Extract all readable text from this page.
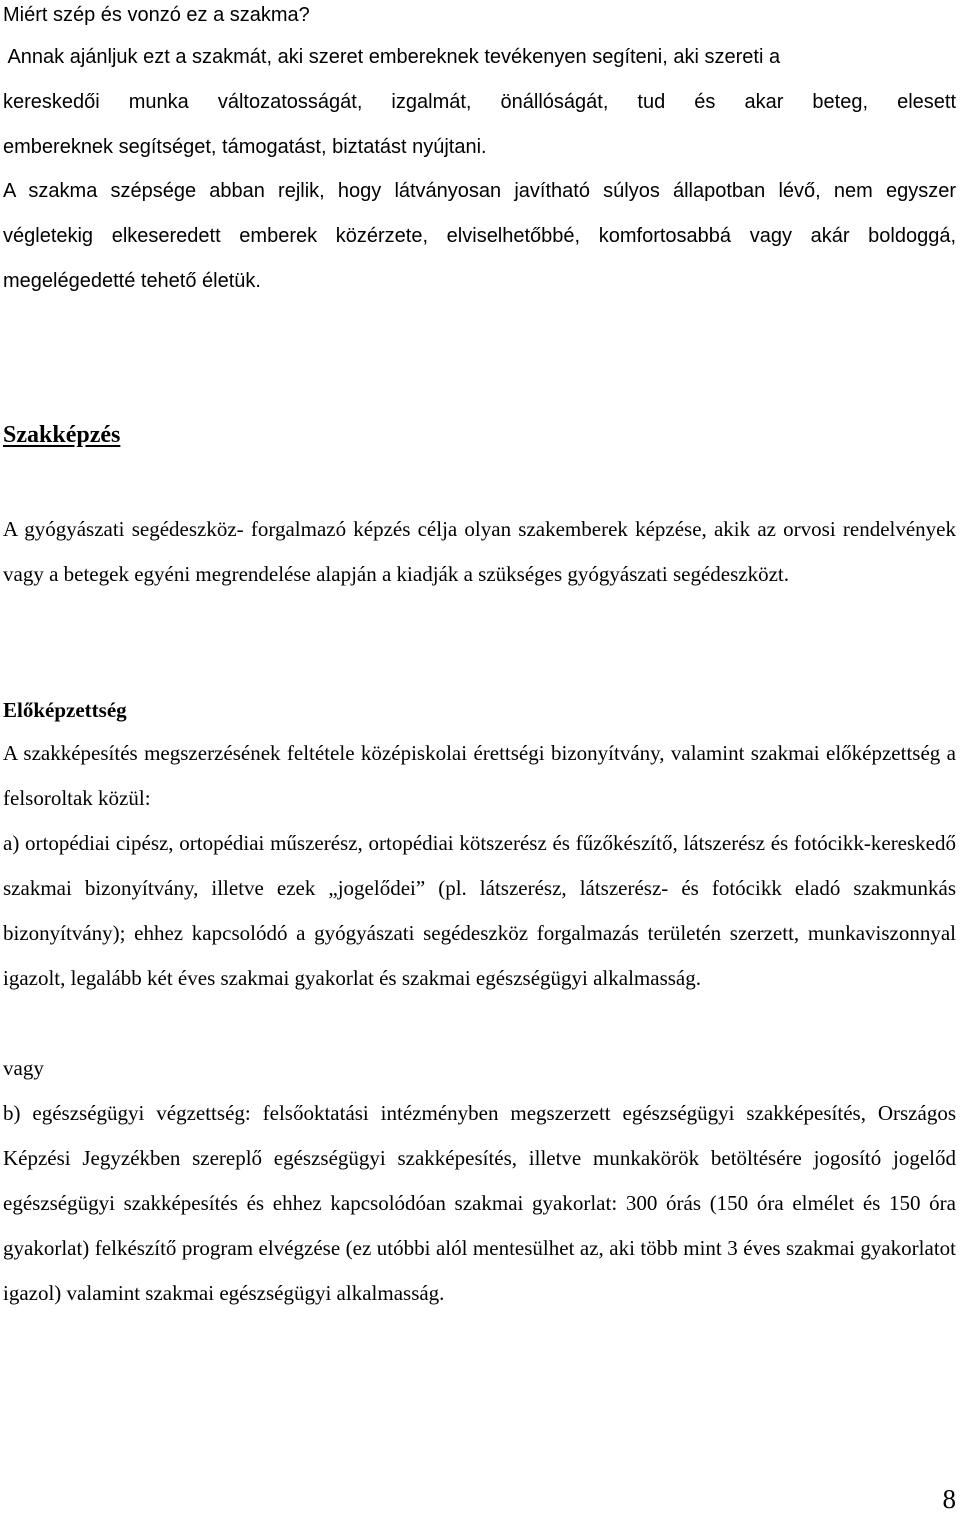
Miért szép és vonzó ez a szakma?

Annak ajánljuk ezt a szakmát, aki szeret embereknek tevékenyen segíteni, aki szereti a

kereskedői munka változatosságát, izgalmát, önállóságát, tud és akar beteg, elesett

embereknek segítséget, támogatást, biztatást nyújtani.

A szakma szépsége abban rejlik, hogy látványosan javítható súlyos állapotban lévő, nem egyszer végletekig elkeseredett emberek közérzete, elviselhetőbbé, komfortosabbá vagy akár boldoggá, megelégedetté tehető életük.

Szakképzés

A gyógyászati segédeszköz- forgalmazó képzés célja olyan szakemberek képzése, akik az orvosi rendelvények vagy a betegek egyéni megrendelése alapján a kiadják a szükséges gyógyászati segédeszközt.

Előképzettség

A szakképesítés megszerzésének feltétele középiskolai érettségi bizonyítvány, valamint szakmai előképzettség a felsoroltak közül:

a) ortopédiai cipész, ortopédiai műszerész, ortopédiai kötszerész és fűzőkészítő, látszerész és fotócikk-kereskedő szakmai bizonyítvány, illetve ezek „jogelődei” (pl. látszerész, látszerész- és fotócikk eladó szakmunkás bizonyítvány); ehhez kapcsolódó a gyógyászati segédeszköz forgalmazás területén szerzett, munkaviszonnyal igazolt, legalább két éves szakmai gyakorlat és szakmai egészségügyi alkalmasság.

vagy

b) egészségügyi végzettség: felsőoktatási intézményben megszerzett egészségügyi szakképesítés, Országos Képzési Jegyzékben szereplő egészségügyi szakképesítés, illetve munkakörök betöltésére jogosító jogelőd egészségügyi szakképesítés és ehhez kapcsolódóan szakmai gyakorlat: 300 órás (150 óra elmélet és 150 óra gyakorlat) felkészítő program elvégzése (ez utóbbi alól mentesülhet az, aki több mint 3 éves szakmai gyakorlatot igazol) valamint szakmai egészségügyi alkalmasság.

8
